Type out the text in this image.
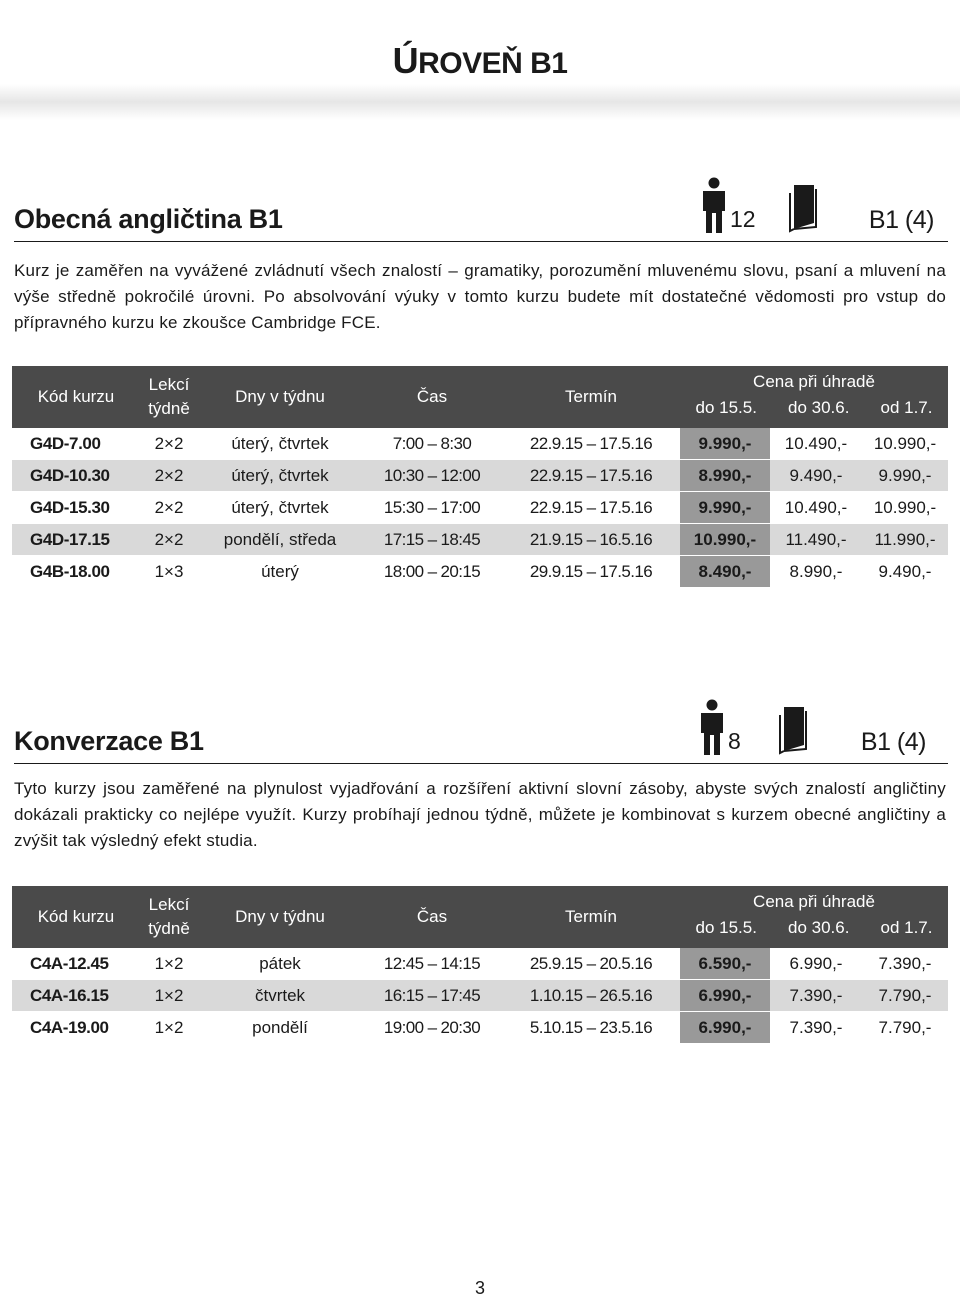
ÚROVEŇ B1
Obecná angličtina B1	12	B1 (4)
Kurz je zaměřen na vyvážené zvládnutí všech znalostí – gramatiky, porozumění mluvenému slovu, psaní a mluvení na výše středně pokročilé úrovni. Po absolvování výuky v tomto kurzu budete mít dostatečné vědomosti pro vstup do přípravného kurzu ke zkoušce Cambridge FCE.
Kód kurzu	Lekcí týdně	Dny v týdnu	Čas	Termín	Cena při úhradě
do 15.5. do 30.6. od 1.7.		

G4D-7.00	2×2	úterý, čtvrtek	7:00 – 8:30	22.9.15 – 17.5.16	9.990,-	10.490,-	10.990,-
G4D-10.30	2×2	úterý, čtvrtek	10:30 – 12:00	22.9.15 – 17.5.16	8.990,-	9.490,-	9.990,-
G4D-15.30	2×2	úterý, čtvrtek	15:30 – 17:00	22.9.15 – 17.5.16	9.990,-	10.490,-	10.990,-
G4D-17.15	2×2	pondělí, středa	17:15 – 18:45	21.9.15 – 16.5.16	10.990,-	11.490,-	11.990,-
G4B-18.00	1×3	úterý	18:00 – 20:15	29.9.15 – 17.5.16	8.490,-	8.990,-	9.490,-
Konverzace B1	8	B1 (4)
Tyto kurzy jsou zaměřené na plynulost vyjadřování a rozšíření aktivní slovní zásoby, abyste svých znalostí angličtiny dokázali prakticky co nejlépe využít. Kurzy probíhají jednou týdně, můžete je kombinovat s kurzem obecné angličtiny a zvýšit tak výsledný efekt studia.
Kód kurzu	Lekcí týdně	Dny v týdnu	Čas	Termín	Cena při úhradě
do 15.5. do 30.6. od 1.7.		

C4A-12.45	1×2	pátek	12:45 – 14:15	25.9.15 – 20.5.16	6.590,-	6.990,-	7.390,-
C4A-16.15	1×2	čtvrtek	16:15 – 17:45	1.10.15 – 26.5.16	6.990,-	7.390,-	7.790,-
C4A-19.00	1×2	pondělí	19:00 – 20:30	5.10.15 – 23.5.16	6.990,-	7.390,-	7.790,-
3
